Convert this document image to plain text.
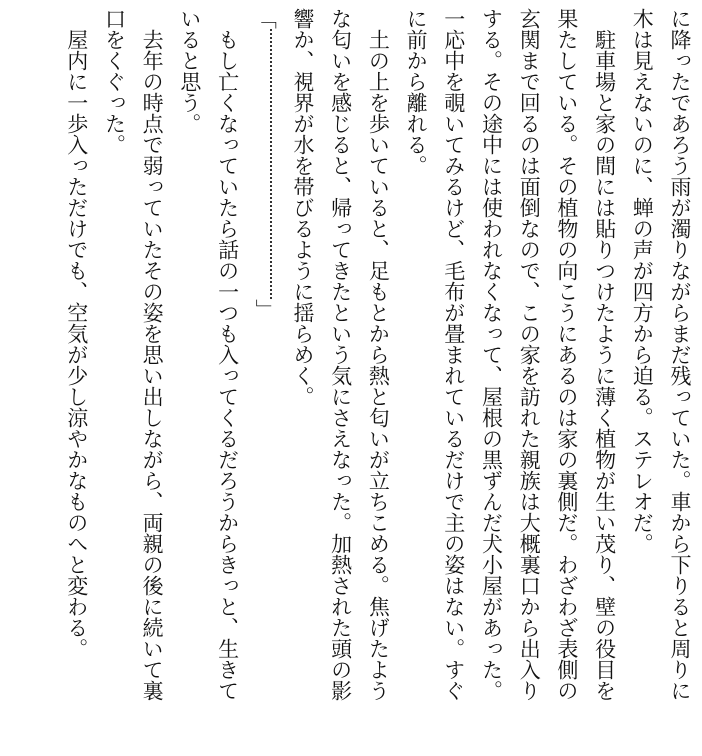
に降ったであろう雨が濁りながらまだ残っていた。車から下りると周りに
木は見えないのに、蝉の声が四方から迫る。ステレオだ。
　駐車場と家の間には貼りつけたように薄く植物が生い茂り、壁の役目を
果たしている。その植物の向こうにあるのは家の裏側だ。わざわざ表側の
玄関まで回るのは面倒なので、この家を訪れた親族は大概裏口から出入り
する。その途中には使われなくなって、屋根の黒ずんだ犬小屋があった。
一応中を覗いてみるけど、毛布が畳まれているだけで主の姿はない。すぐ
に前から離れる。
　土の上を歩いていると、足もとから熱と匂いが立ちこめる。焦げたよう
な匂いを感じると、帰ってきたという気にさえなった。加熱された頭の影
響か、視界が水を帯びるように揺らめく。
「」
　もし亡くなっていたら話の一つも入ってくるだろうからきっと、生きて
いると思う。
　去年の時点で弱っていたその姿を思い出しながら、両親の後に続いて裏
口をくぐった。
　屋内に一歩入っただけでも、空気が少し涼やかなものへと変わる。
